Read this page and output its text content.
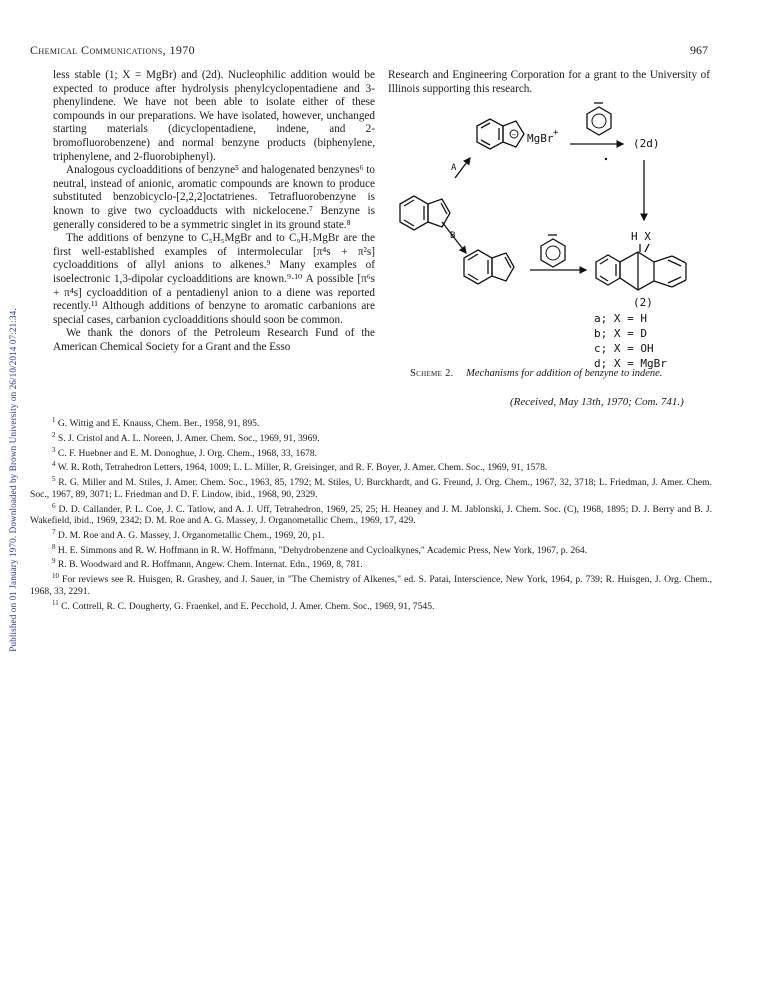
Published on 01 January 1970. Downloaded by Brown University on 26/10/2014 07:21:34.
Chemical Communications, 1970	967

less stable (1; X = MgBr) and (2d). Nucleophilic addition would be expected to produce after hydrolysis phenylcyclopentadiene and 3-phenylindene. We have not been able to isolate either of these compounds in our preparations. We have isolated, however, unchanged starting materials (dicyclopentadiene, indene, and 2-bromofluorobenzene) and normal benzyne products (biphenylene, triphenylene, and 2-fluorobiphenyl).

Analogous cycloadditions of benzyne⁵ and halogenated benzynes⁶ to neutral, instead of anionic, aromatic compounds are known to produce substituted benzobicyclo-[2,2,2]octatrienes. Tetrafluorobenzyne is known to give two cycloadducts with nickelocene.⁷ Benzyne is generally considered to be a symmetric singlet in its ground state.⁸

The additions of benzyne to C₅H₅MgBr and to C₉H₇MgBr are the first well-established examples of intermolecular [π⁴s + π²s] cycloadditions of allyl anions to alkenes.⁹ Many examples of isoelectronic 1,3-dipolar cycloadditions are known.⁹·¹⁰ A possible [π⁶s + π⁴s] cycloaddition of a pentadienyl anion to a diene was reported recently.¹¹ Although additions of benzyne to aromatic carbanions are special cases, carbanion cycloadditions should soon be common.

We thank the donors of the Petroleum Research Fund of the American Chemical Society for a Grant and the Esso

Research and Engineering Corporation for a grant to the University of Illinois supporting this research.

− MgBr +
(2d)
A
B	H X
(2)
a; X = H
b; X = D
c; X = OH
d; X = MgBr
Scheme 2. Mechanisms for addition of benzyne to indene.
(Received, May 13th, 1970; Com. 741.)

$^1$ G. Wittig and E. Knauss, Chem. Ber., 1958, 91, 895.

$^2$ S. J. Cristol and A. L. Noreen, J. Amer. Chem. Soc., 1969, 91, 3969.

$^3$ C. F. Huebner and E. M. Donoghue, J. Org. Chem., 1968, 33, 1678.

$^4$ W. R. Roth, Tetrahedron Letters, 1964, 1009; L. L. Miller, R. Greisinger, and R. F. Boyer, J. Amer. Chem. Soc., 1969, 91, 1578.

$^5$ R. G. Miller and M. Stiles, J. Amer. Chem. Soc., 1963, 85, 1792; M. Stiles, U. Burckhardt, and G. Freund, J. Org. Chem., 1967, 32, 3718; L. Friedman, J. Amer. Chem. Soc., 1967, 89, 3071; L. Friedman and D. F. Lindow, ibid., 1968, 90, 2329.

$^6$ D. D. Callander, P. L. Coe, J. C. Tatlow, and A. J. Uff, Tetrahedron, 1969, 25, 25; H. Heaney and J. M. Jablonski, J. Chem. Soc. (C), 1968, 1895; D. J. Berry and B. J. Wakefield, ibid., 1969, 2342; D. M. Roe and A. G. Massey, J. Organometallic Chem., 1969, 17, 429.

$^7$ D. M. Roe and A. G. Massey, J. Organometallic Chem., 1969, 20, p1.

$^8$ H. E. Simmons and R. W. Hoffmann in R. W. Hoffmann, "Dehydrobenzene and Cycloalkynes," Academic Press, New York, 1967, p. 264.

$^9$ R. B. Woodward and R. Hoffmann, Angew. Chem. Internat. Edn., 1969, 8, 781.

$^{10}$ For reviews see R. Huisgen, R. Grashey, and J. Sauer, in "The Chemistry of Alkenes," ed. S. Patai, Interscience, New York, 1964, p. 739; R. Huisgen, J. Org. Chem., 1968, 33, 2291.

$^{11}$ C. Cottrell, R. C. Dougherty, G. Fraenkel, and E. Pecchold, J. Amer. Chem. Soc., 1969, 91, 7545.
